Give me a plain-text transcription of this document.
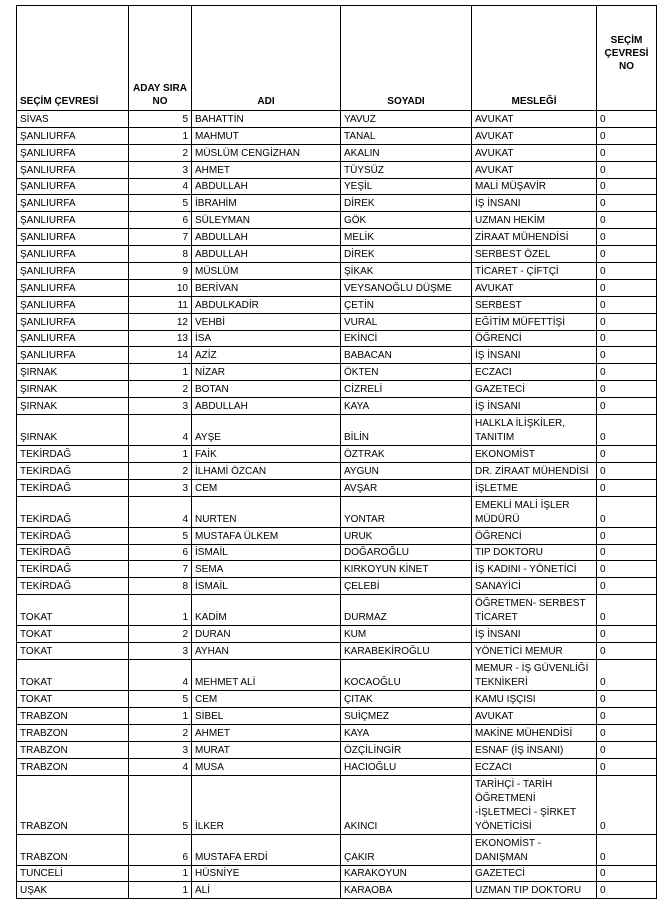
SEÇİM ÇEVRESİ	ADAY SIRA NO	ADI	SOYADI	MESLEĞİ	SEÇİM ÇEVRESİ NO
SİVAS	5	BAHATTİN	YAVUZ	AVUKAT	0
ŞANLIURFA	1	MAHMUT	TANAL	AVUKAT	0
ŞANLIURFA	2	MÜSLÜM CENGİZHAN	AKALIN	AVUKAT	0
ŞANLIURFA	3	AHMET	TÜYSÜZ	AVUKAT	0
ŞANLIURFA	4	ABDULLAH	YEŞİL	MALİ MÜŞAVİR	0
ŞANLIURFA	5	İBRAHİM	DİREK	İŞ İNSANI	0
ŞANLIURFA	6	SÜLEYMAN	GÖK	UZMAN HEKİM	0
ŞANLIURFA	7	ABDULLAH	MELİK	ZİRAAT MÜHENDİSİ	0
ŞANLIURFA	8	ABDULLAH	DİREK	SERBEST ÖZEL	0
ŞANLIURFA	9	MÜSLÜM	ŞİKAK	TİCARET - ÇİFTÇİ	0
ŞANLIURFA	10	BERİVAN	VEYSANOĞLU DÜŞME	AVUKAT	0
ŞANLIURFA	11	ABDULKADİR	ÇETİN	SERBEST	0
ŞANLIURFA	12	VEHBİ	VURAL	EĞİTİM MÜFETTİŞİ	0
ŞANLIURFA	13	İSA	EKİNCİ	ÖĞRENCİ	0
ŞANLIURFA	14	AZİZ	BABACAN	İŞ İNSANI	0
ŞIRNAK	1	NİZAR	ÖKTEN	ECZACI	0
ŞIRNAK	2	BOTAN	CİZRELİ	GAZETECİ	0
ŞIRNAK	3	ABDULLAH	KAYA	İŞ İNSANI	0
ŞIRNAK	4	AYŞE	BİLİN	HALKLA İLİŞKİLER, TANITIM	0
TEKİRDAĞ	1	FAİK	ÖZTRAK	EKONOMİST	0
TEKİRDAĞ	2	İLHAMİ ÖZCAN	AYGUN	DR. ZİRAAT MÜHENDİSİ	0
TEKİRDAĞ	3	CEM	AVŞAR	İŞLETME	0
TEKİRDAĞ	4	NURTEN	YONTAR	EMEKLİ MALİ İŞLER MÜDÜRÜ	0
TEKİRDAĞ	5	MUSTAFA ÜLKEM	URUK	ÖĞRENCİ	0
TEKİRDAĞ	6	İSMAİL	DOĞAROĞLU	TIP DOKTORU	0
TEKİRDAĞ	7	SEMA	KIRKOYUN KİNET	İŞ KADINI - YÖNETİCİ	0
TEKİRDAĞ	8	İSMAİL	ÇELEBİ	SANAYİCİ	0
TOKAT	1	KADİM	DURMAZ	ÖĞRETMEN- SERBEST TİCARET	0
TOKAT	2	DURAN	KUM	İŞ İNSANI	0
TOKAT	3	AYHAN	KARABEKİROĞLU	YÖNETİCİ MEMUR	0
TOKAT	4	MEHMET ALİ	KOCAOĞLU	MEMUR - İŞ GÜVENLİĞİ TEKNİKERİ	0
TOKAT	5	CEM	ÇITAK	KAMU IŞÇISI	0
TRABZON	1	SİBEL	SUİÇMEZ	AVUKAT	0
TRABZON	2	AHMET	KAYA	MAKİNE MÜHENDİSİ	0
TRABZON	3	MURAT	ÖZÇİLİNGİR	ESNAF (İŞ İNSANI)	0
TRABZON	4	MUSA	HACIOĞLU	ECZACI	0
TRABZON	5	İLKER	AKINCI	TARİHÇİ - TARİH ÖĞRETMENİ -İŞLETMECİ - ŞİRKET YÖNETİCİSİ	0
TRABZON	6	MUSTAFA ERDİ	ÇAKIR	EKONOMİST - DANIŞMAN	0
TUNCELİ	1	HÜSNİYE	KARAKOYUN	GAZETECİ	0
UŞAK	1	ALİ	KARAOBA	UZMAN TIP DOKTORU	0
